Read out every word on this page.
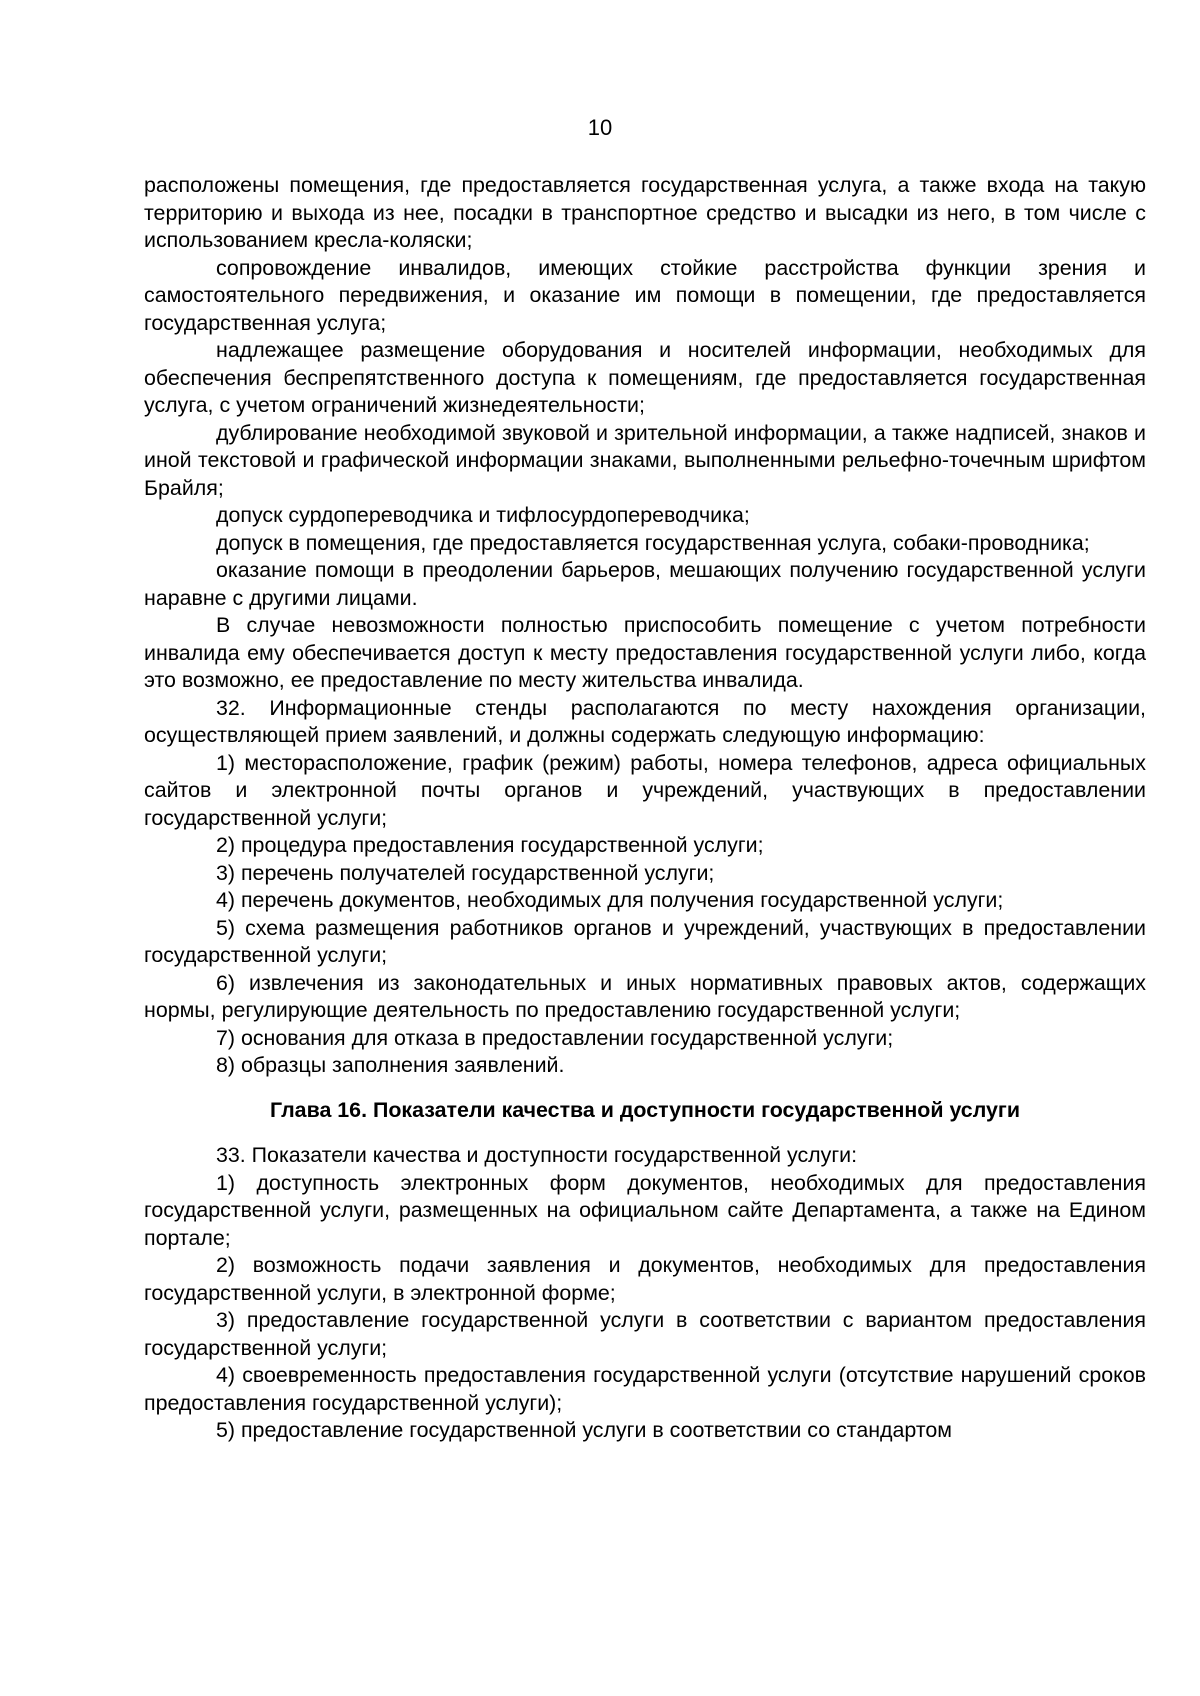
10

расположены помещения, где предоставляется государственная услуга, а также входа на такую территорию и выхода из нее, посадки в транспортное средство и высадки из него, в том числе с использованием кресла-коляски;

сопровождение инвалидов, имеющих стойкие расстройства функции зрения и самостоятельного передвижения, и оказание им помощи в помещении, где предоставляется государственная услуга;

надлежащее размещение оборудования и носителей информации, необходимых для обеспечения беспрепятственного доступа к помещениям, где предоставляется государственная услуга, с учетом ограничений жизнедеятельности;

дублирование необходимой звуковой и зрительной информации, а также надписей, знаков и иной текстовой и графической информации знаками, выполненными рельефно-точечным шрифтом Брайля;

допуск сурдопереводчика и тифлосурдопереводчика;

допуск в помещения, где предоставляется государственная услуга, собаки-проводника;

оказание помощи в преодолении барьеров, мешающих получению государственной услуги наравне с другими лицами.

В случае невозможности полностью приспособить помещение с учетом потребности инвалида ему обеспечивается доступ к месту предоставления государственной услуги либо, когда это возможно, ее предоставление по месту жительства инвалида.

32. Информационные стенды располагаются по месту нахождения организации, осуществляющей прием заявлений, и должны содержать следующую информацию:

1) месторасположение, график (режим) работы, номера телефонов, адреса официальных сайтов и электронной почты органов и учреждений, участвующих в предоставлении государственной услуги;

2) процедура предоставления государственной услуги;

3) перечень получателей государственной услуги;

4) перечень документов, необходимых для получения государственной услуги;

5) схема размещения работников органов и учреждений, участвующих в предоставлении государственной услуги;

6) извлечения из законодательных и иных нормативных правовых актов, содержащих нормы, регулирующие деятельность по предоставлению государственной услуги;

7) основания для отказа в предоставлении государственной услуги;

8) образцы заполнения заявлений.

Глава 16. Показатели качества и доступности государственной услуги

33. Показатели качества и доступности государственной услуги:

1) доступность электронных форм документов, необходимых для предоставления государственной услуги, размещенных на официальном сайте Департамента, а также на Едином портале;

2) возможность подачи заявления и документов, необходимых для предоставления государственной услуги, в электронной форме;

3) предоставление государственной услуги в соответствии с вариантом предоставления государственной услуги;

4) своевременность предоставления государственной услуги (отсутствие нарушений сроков предоставления государственной услуги);

5) предоставление государственной услуги в соответствии со стандартом
